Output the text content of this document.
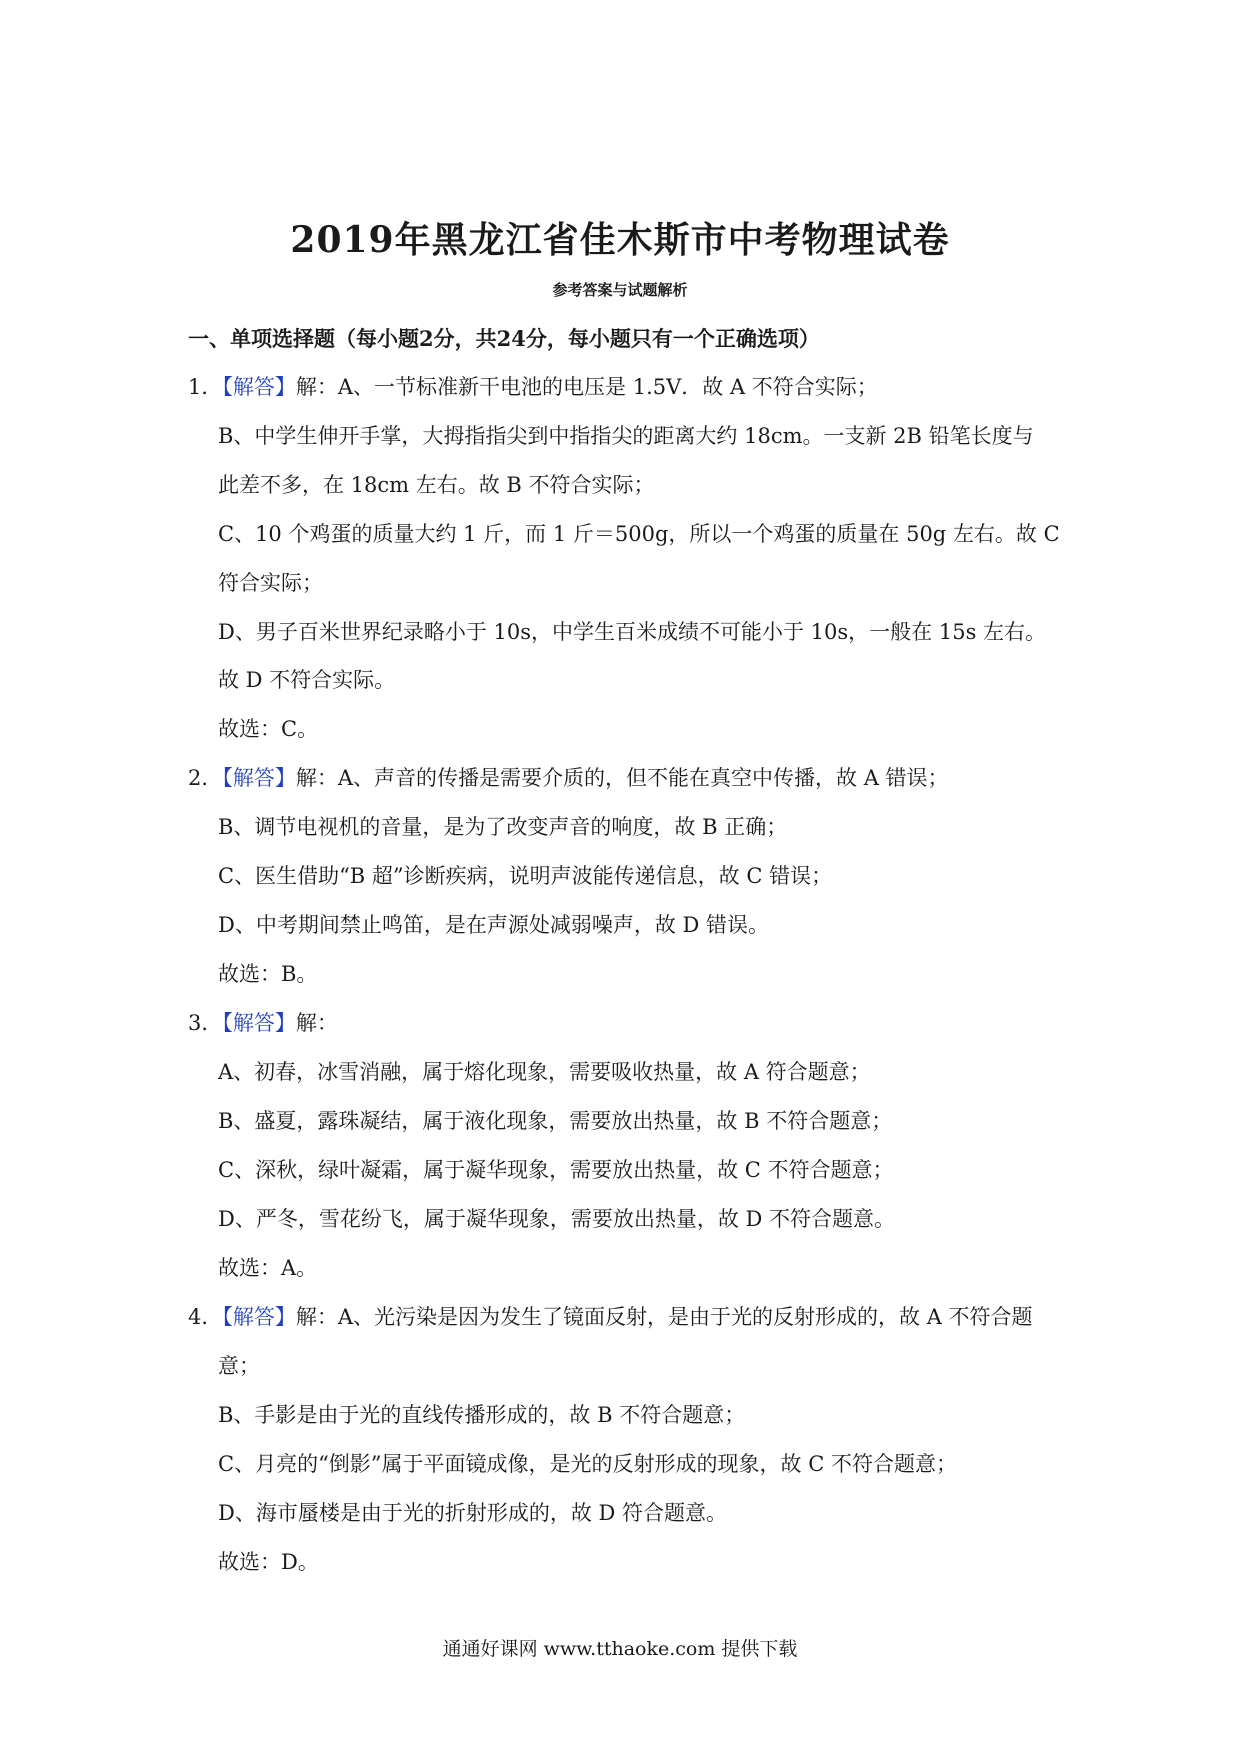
2019年黑龙江省佳木斯市中考物理试卷
参考答案与试题解析
一、单项选择题（每小题2分，共24分，每小题只有一个正确选项）
1．【解答】解：A、一节标准新干电池的电压是 1.5V．故 A 不符合实际；
B、中学生伸开手掌，大拇指指尖到中指指尖的距离大约 18cm。一支新 2B 铅笔长度与
此差不多，在 18cm 左右。故 B 不符合实际；
C、10 个鸡蛋的质量大约 1 斤，而 1 斤＝500g，所以一个鸡蛋的质量在 50g 左右。故 C
符合实际；
D、男子百米世界纪录略小于 10s，中学生百米成绩不可能小于 10s，一般在 15s 左右。
故 D 不符合实际。
故选：C。
2．【解答】解：A、声音的传播是需要介质的，但不能在真空中传播，故 A 错误；
B、调节电视机的音量，是为了改变声音的响度，故 B 正确；
C、医生借助“B 超”诊断疾病，说明声波能传递信息，故 C 错误；
D、中考期间禁止鸣笛，是在声源处减弱噪声，故 D 错误。
故选：B。
3．【解答】解：
A、初春，冰雪消融，属于熔化现象，需要吸收热量，故 A 符合题意；
B、盛夏，露珠凝结，属于液化现象，需要放出热量，故 B 不符合题意；
C、深秋，绿叶凝霜，属于凝华现象，需要放出热量，故 C 不符合题意；
D、严冬，雪花纷飞，属于凝华现象，需要放出热量，故 D 不符合题意。
故选：A。
4．【解答】解：A、光污染是因为发生了镜面反射，是由于光的反射形成的，故 A 不符合题
意；
B、手影是由于光的直线传播形成的，故 B 不符合题意；
C、月亮的“倒影”属于平面镜成像，是光的反射形成的现象，故 C 不符合题意；
D、海市蜃楼是由于光的折射形成的，故 D 符合题意。
故选：D。
通通好课网 www.tthaoke.com 提供下载
